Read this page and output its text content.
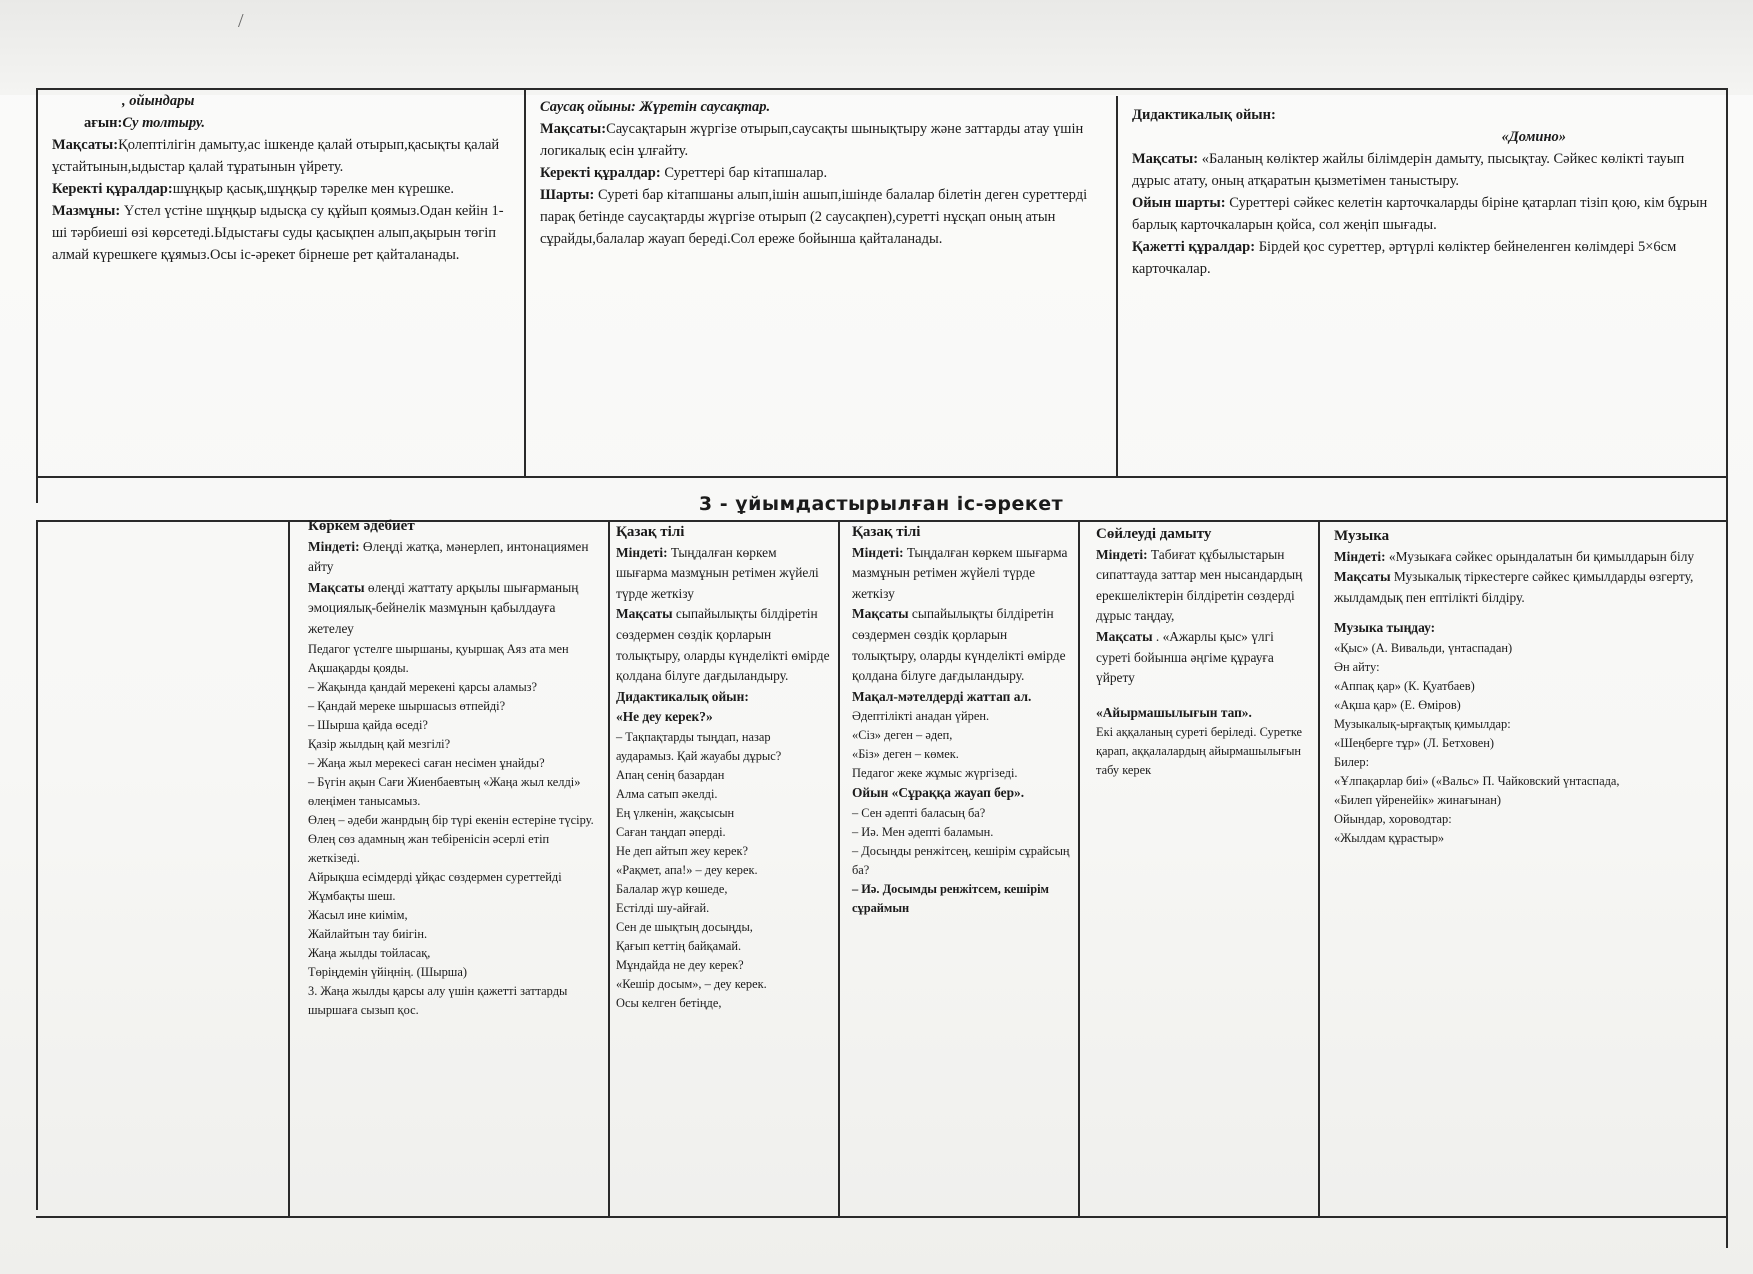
/

, ойындары

ағын:Су толтыру.

Мақсаты:Қолептілігін дамыту,ас ішкенде қалай отырып,қасықты қалай ұстайтынын,ыдыстар қалай тұратынын үйрету.

Керекті құралдар:шұңқыр қасық,шұңқыр тәрелке мен күрешке.

Мазмұны: Үстел үстіне шұңқыр ыдысқа су құйып қоямыз.Одан кейін 1-ші тәрбиеші өзі көрсетеді.Ыдыстағы суды қасықпен алып,ақырын төгіп алмай күрешкеге құямыз.Осы іс-әрекет бірнеше рет қайталанады.

Саусақ ойыны: Жүретін саусақтар.

Мақсаты:Саусақтарын жүргізе отырып,саусақты шынықтыру және заттарды атау үшін логикалық есін ұлғайту.

Керекті құралдар: Суреттері бар кітапшалар.

Шарты: Суреті бар кітапшаны алып,ішін ашып,ішінде балалар білетін деген суреттерді парақ бетінде саусақтарды жүргізе отырып (2 саусақпен),суретті нұсқап оның атын сұрайды,балалар жауап береді.Сол ереже бойынша қайталанады.

Дидактикалық ойын:

«Домино»

Мақсаты: «Баланың көліктер жайлы білімдерін дамыту, пысықтау. Сәйкес көлікті тауып дұрыс атату, оның атқаратын қызметімен таныстыру.

Ойын шарты: Суреттері сәйкес келетін карточкаларды біріне қатарлап тізіп қою, кім бұрын барлық карточкаларын қойса, сол жеңіп шығады.

Қажетті құралдар: Бірдей қос суреттер, әртүрлі көліктер бейнеленген көлімдері 5×6см карточкалар.

3 - ұйымдастырылған іс-әрекет

Көркем әдебиет

Міндеті: Өлеңді жатқа, мәнерлеп, интонациямен айту

Мақсаты өлеңді жаттату арқылы шығарманың эмоциялық-бейнелік мазмұнын қабылдауға жетелеу

Педагог үстелге шыршаны, қуыршақ Аяз ата мен Ақшақарды қояды.

– Жақында қандай мерекені қарсы аламыз?

– Қандай мереке шыршасыз өтпейді?

– Шырша қайда өседі?

Қазір жылдың қай мезгілі?

– Жаңа жыл мерекесі саған несімен ұнайды?

– Бүгін ақын Сағи Жиенбаевтың «Жаңа жыл келді» өлеңімен танысамыз.

Өлең – әдеби жанрдың бір түрі екенін естеріне түсіру. Өлең сөз адамның жан тебіренісін әсерлі етіп жеткізеді.

Айрықша есімдерді ұйқас сөздермен суреттейді

Жұмбақты шеш.

Жасыл ине киімім,

Жайлайтын тау биігін.

Жаңа жылды тойласақ,

Төріңдемін үйіңнің. (Шырша)

3. Жаңа жылды қарсы алу үшін қажетті заттарды шыршаға сызып қос.

Қазақ тілі

Міндеті: Тыңдалған көркем шығарма мазмұнын ретімен жүйелі түрде жеткізу

Мақсаты сыпайылықты білдіретін сөздермен сөздік қорларын толықтыру, оларды күнделікті өмірде қолдана білуге дағдыландыру.

Дидактикалық ойын:

«Не деу керек?»

– Тақпақтарды тыңдап, назар аударамыз. Қай жауабы дұрыс?

Апаң сенің базардан

Алма сатып әкелді.

Ең үлкенін, жақсысын

Саған таңдап әперді.

Не деп айтып жеу керек?

«Рақмет, апа!» – деу керек.

Балалар жүр көшеде,

Естілді шу-айғай.

Сен де шықтың досыңды,

Қағып кеттің байқамай.

Мұндайда не деу керек?

«Кешір досым», – деу керек.

Осы келген бетіңде,

Қазақ тілі

Міндеті: Тыңдалған көркем шығарма мазмұнын ретімен жүйелі түрде жеткізу

Мақсаты сыпайылықты білдіретін сөздермен сөздік қорларын толықтыру, оларды күнделікті өмірде қолдана білуге дағдыландыру.

Мақал-мәтелдерді жаттап ал.

Әдептілікті анадан үйрен.

«Сіз» деген – әдеп,

«Біз» деген – көмек.

Педагог жеке жұмыс жүргізеді.

Ойын «Сұраққа жауап бер».

– Сен әдепті баласың ба?

– Иә. Мен әдепті баламын.

– Досыңды ренжітсең, кешірім сұрайсың ба?

– Иә. Досымды ренжітсем, кешірім сұраймын

Сөйлеуді дамыту

Міндеті: Табиғат құбылыстарын сипаттауда заттар мен нысандардың ерекшеліктерін білдіретін сөздерді дұрыс таңдау,

Мақсаты . «Ажарлы қыс» үлгі суреті бойынша әңгіме құрауға үйрету

«Айырмашылығын тап».

Екі аққаланың суреті беріледі. Суретке қарап, аққалалардың айырмашылығын табу керек

Музыка

Міндеті: «Музыкаға сәйкес орындалатын би қимылдарын білу

Мақсаты Музыкалық тіркестерге сәйкес қимылдарды өзгерту, жылдамдық пен ептілікті білдіру.

Музыка тыңдау:

«Қыс» (А. Вивальди, үнтаспадан)

Ән айту:

«Аппақ қар» (К. Қуатбаев)

«Ақша қар» (Е. Өміров)

Музыкалық-ырғақтық қимылдар:

«Шеңберге тұр» (Л. Бетховен)

Билер:

«Ұлпақарлар биі» («Вальс» П. Чайковский үнтаспада,

«Билеп үйренейік» жинағынан)

Ойындар, хороводтар:

«Жылдам құрастыр»
